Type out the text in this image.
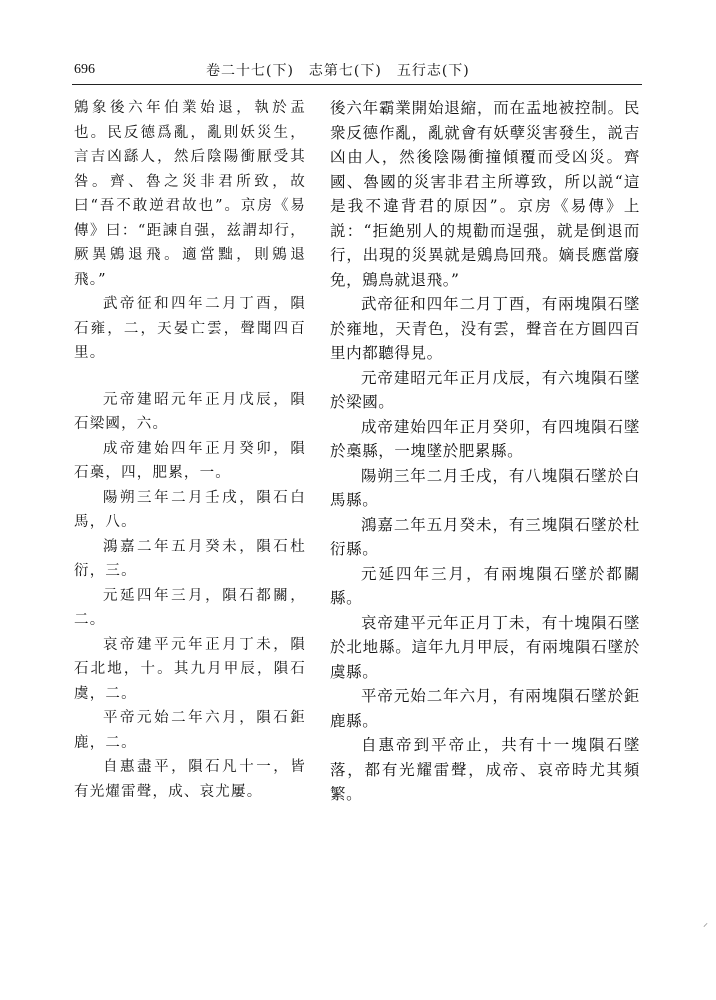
696	卷二十七(下)　志第七(下)　五行志(下)

鶂象後六年伯業始退，執於盂也。民反德爲亂，亂則妖災生，言吉凶繇人，然后陰陽衝厭受其咎。齊、魯之災非君所致，故曰“吾不敢逆君故也”。京房《易傳》曰：“距諫自强，兹謂却行，厥異鶂退飛。適當黜，則鶂退飛。”

武帝征和四年二月丁酉，隕石雍，二，天晏亡雲，聲聞四百里。

元帝建昭元年正月戊辰，隕石梁國，六。

成帝建始四年正月癸卯，隕石槀，四，肥累，一。

陽朔三年二月壬戌，隕石白馬，八。

鴻嘉二年五月癸未，隕石杜衍，三。

元延四年三月，隕石都關，二。

哀帝建平元年正月丁未，隕石北地，十。其九月甲辰，隕石虞，二。

平帝元始二年六月，隕石鉅鹿，二。

自惠盡平，隕石凡十一，皆有光燿雷聲，成、哀尤屢。

後六年霸業開始退縮，而在盂地被控制。民衆反德作亂，亂就會有妖孽災害發生，説吉凶由人，然後陰陽衝撞傾覆而受凶災。齊國、魯國的災害非君主所導致，所以説“這是我不違背君的原因”。京房《易傳》上説：“拒絶别人的規勸而逞强，就是倒退而行，出現的災異就是鶂鳥回飛。嫡長應當廢免，鶂鳥就退飛。”

武帝征和四年二月丁酉，有兩塊隕石墜於雍地，天青色，没有雲，聲音在方圓四百里内都聽得見。

元帝建昭元年正月戊辰，有六塊隕石墜於梁國。

成帝建始四年正月癸卯，有四塊隕石墜於槀縣，一塊墜於肥累縣。

陽朔三年二月壬戌，有八塊隕石墜於白馬縣。

鴻嘉二年五月癸未，有三塊隕石墜於杜衍縣。

元延四年三月，有兩塊隕石墜於都關縣。

哀帝建平元年正月丁未，有十塊隕石墜於北地縣。這年九月甲辰，有兩塊隕石墜於虞縣。

平帝元始二年六月，有兩塊隕石墜於鉅鹿縣。

自惠帝到平帝止，共有十一塊隕石墜落，都有光耀雷聲，成帝、哀帝時尤其頻繁。

⸝
